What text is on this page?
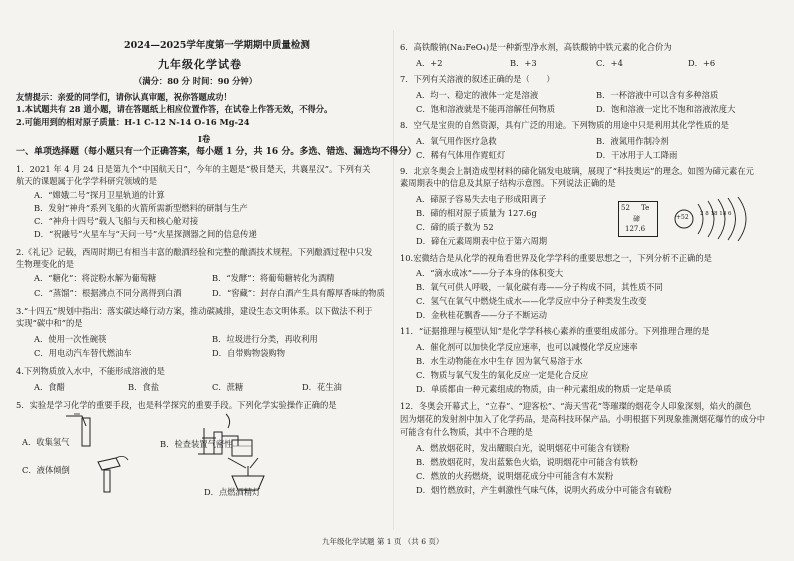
2024—2025学年度第一学期期中质量检测
九年级化学试卷
（满分：80 分 时间：90 分钟）
友情提示：亲爱的同学们，请你认真审题，祝你答题成功！
1.本试题共有 28 道小题，请在答题纸上相应位置作答，在试卷上作答无效，不得分。
2.可能用到的相对原子质量：H-1 C-12 N-14 O-16 Mg-24
Ⅰ卷
一、单项选择题（每小题只有一个正确答案，每小题 1 分，共 16 分。多选、错选、漏选均不得分）
1．2021 年 4 月 24 日是第九个“中国航天日”，今年的主题是“极目楚天，共襄星汉”。下列有关
航天的课题属于化学学科研究领域的是
A．“嫦娥二号”探月卫星轨道的计算
B．发射“神舟”系列飞船的火箭所需新型燃料的研制与生产
C．“神舟十四号”载人飞船与天和核心舱对接
D．“祝融号”火星车与“天问一号”火星探测器之间的信息传递
2.《礼记》记载，西周时期已有相当丰富的酿酒经验和完整的酿酒技术规程。下列酿酒过程中只发
生物理变化的是
A．“糖化”：将淀粉水解为葡萄糖	B．“发酵”：将葡萄糖转化为酒精
C．“蒸馏”：根据沸点不同分离得到白酒	D．“窖藏”：封存白酒产生具有醇厚香味的物质
3.“十四五”规划中指出：落实碳达峰行动方案，推动碳减排，建设生态文明体系。以下做法不利于
实现“碳中和”的是
A．使用一次性碗筷	B．垃圾进行分类，再收利用
C．用电动汽车替代燃油车	D．自带购物袋购物
4.下列物质放入水中，不能形成溶液的是
A．食醋	B．食盐	C．蔗糖	D．花生油
5．实验是学习化学的重要手段，也是科学探究的重要手段。下列化学实验操作正确的是
A．收集氢气	B．检查装置气密性
C．液体倾倒
D．点燃酒精灯
6．高铁酸钠(Na₂FeO₄)是一种新型净水剂，高铁酸钠中铁元素的化合价为
A．+2	B．+3	C．+4	D．+6
7．下列有关溶液的叙述正确的是（　　）
A．均一、稳定的液体一定是溶液	B．一杯溶液中可以含有多种溶质
C．饱和溶液就是不能再溶解任何物质	D．饱和溶液一定比不饱和溶液浓度大
8．空气是宝贵的自然资源，具有广泛的用途。下列物质的用途中只是利用其化学性质的是
A．氧气用作医疗急救	B．液氮用作制冷剂
C．稀有气体用作霓虹灯	D．干冰用于人工降雨
9．北京冬奥会上制造成型材料的碲化镉发电玻璃，展现了“科技奥运”的理念。如图为碲元素在元
素周期表中的信息及其原子结构示意图。下列说法正确的是
A．碲原子容易失去电子形成阳离子
B．碲的相对原子质量为 127.6g
C．碲的质子数为 52
D．碲在元素周期表中位于第六周期
10.宏微结合是从化学的视角看世界及化学学科的重要思想之一，下列分析不正确的是
A．“滴水成冰”——分子本身的体积变大
B．氧气可供人呼吸，一氧化碳有毒——分子构成不同，其性质不同
C．氢气在氧气中燃烧生成水——化学反应中分子种类发生改变
D．金秋桂花飘香——分子不断运动
11．“证据推理与模型认知”是化学学科核心素养的重要组成部分。下列推理合理的是
A．催化剂可以加快化学反应速率，也可以减慢化学反应速率
B．水生动物能在水中生存 因为氧气易溶于水
C．物质与氧气发生的氧化反应一定是化合反应
D．单质都由一种元素组成的物质，由一种元素组成的物质一定是单质
12．冬奥会开幕式上，“立春”、“迎客松”、“海天雪花”等璀璨的烟花令人印象深刻，焰火的颜色
因为烟花的发射剂中加入了化学药品，是高科技环保产品。小明根据下列现象推测烟花爆竹的成分中
可能含有什么物质，其中不合理的是
A．燃放烟花时，发出耀眼白光，说明烟花中可能含有镁粉
B．燃放烟花时，发出蓝紫色火焰，说明烟花中可能含有铁粉
C．燃放的火药燃烧，说明烟花成分中可能含有木炭粉
D．烟竹燃放时，产生刺激性气味气体，说明火药成分中可能含有硫粉
52 Te
碲
127.6
+52 2 8 18 18 6
九年级化学试题 第 1 页 （共 6 页）
